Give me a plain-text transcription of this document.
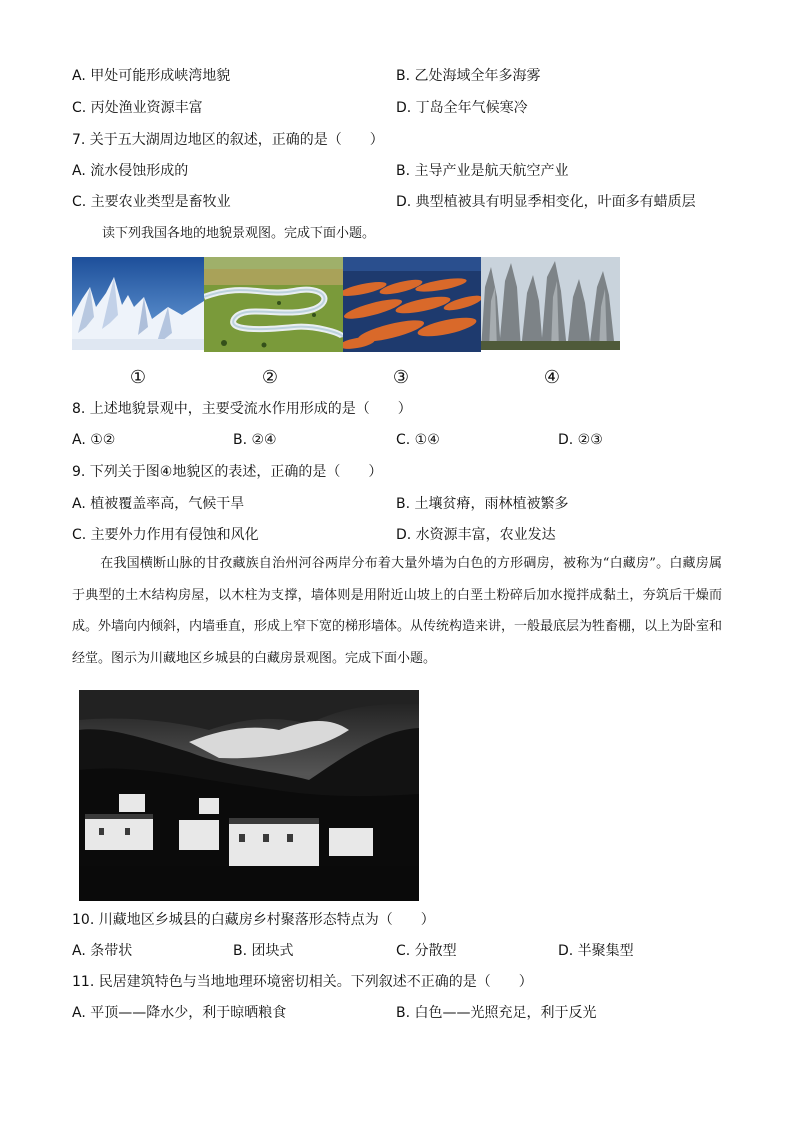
A. 甲处可能形成峡湾地貌	B. 乙处海域全年多海雾
C. 丙处渔业资源丰富	D. 丁岛全年气候寒冷
7. 关于五大湖周边地区的叙述，正确的是（　　）
A. 流水侵蚀形成的	B. 主导产业是航天航空产业
C. 主要农业类型是畜牧业	D. 典型植被具有明显季相变化，叶面多有蜡质层
读下列我国各地的地貌景观图。完成下面小题。
①	②	③	④
8. 上述地貌景观中，主要受流水作用形成的是（　　）
A. ①②	B. ②④	C. ①④	D. ②③
9. 下列关于图④地貌区的表述，正确的是（　　）
A. 植被覆盖率高，气候干旱	B. 土壤贫瘠，雨林植被繁多
C. 主要外力作用有侵蚀和风化	D. 水资源丰富，农业发达
在我国横断山脉的甘孜藏族自治州河谷两岸分布着大量外墙为白色的方形碉房，被称为“白藏房”。白藏房属于典型的土木结构房屋，以木柱为支撑，墙体则是用附近山坡上的白垩土粉碎后加水搅拌成黏土，夯筑后干燥而成。外墙向内倾斜，内墙垂直，形成上窄下宽的梯形墙体。从传统构造来讲，一般最底层为牲畜棚，以上为卧室和经堂。图示为川藏地区乡城县的白藏房景观图。完成下面小题。
10. 川藏地区乡城县的白藏房乡村聚落形态特点为（　　）
A. 条带状	B. 团块式	C. 分散型	D. 半聚集型
11. 民居建筑特色与当地地理环境密切相关。下列叙述不正确的是（　　）
A. 平顶——降水少，利于晾晒粮食	B. 白色——光照充足，利于反光
